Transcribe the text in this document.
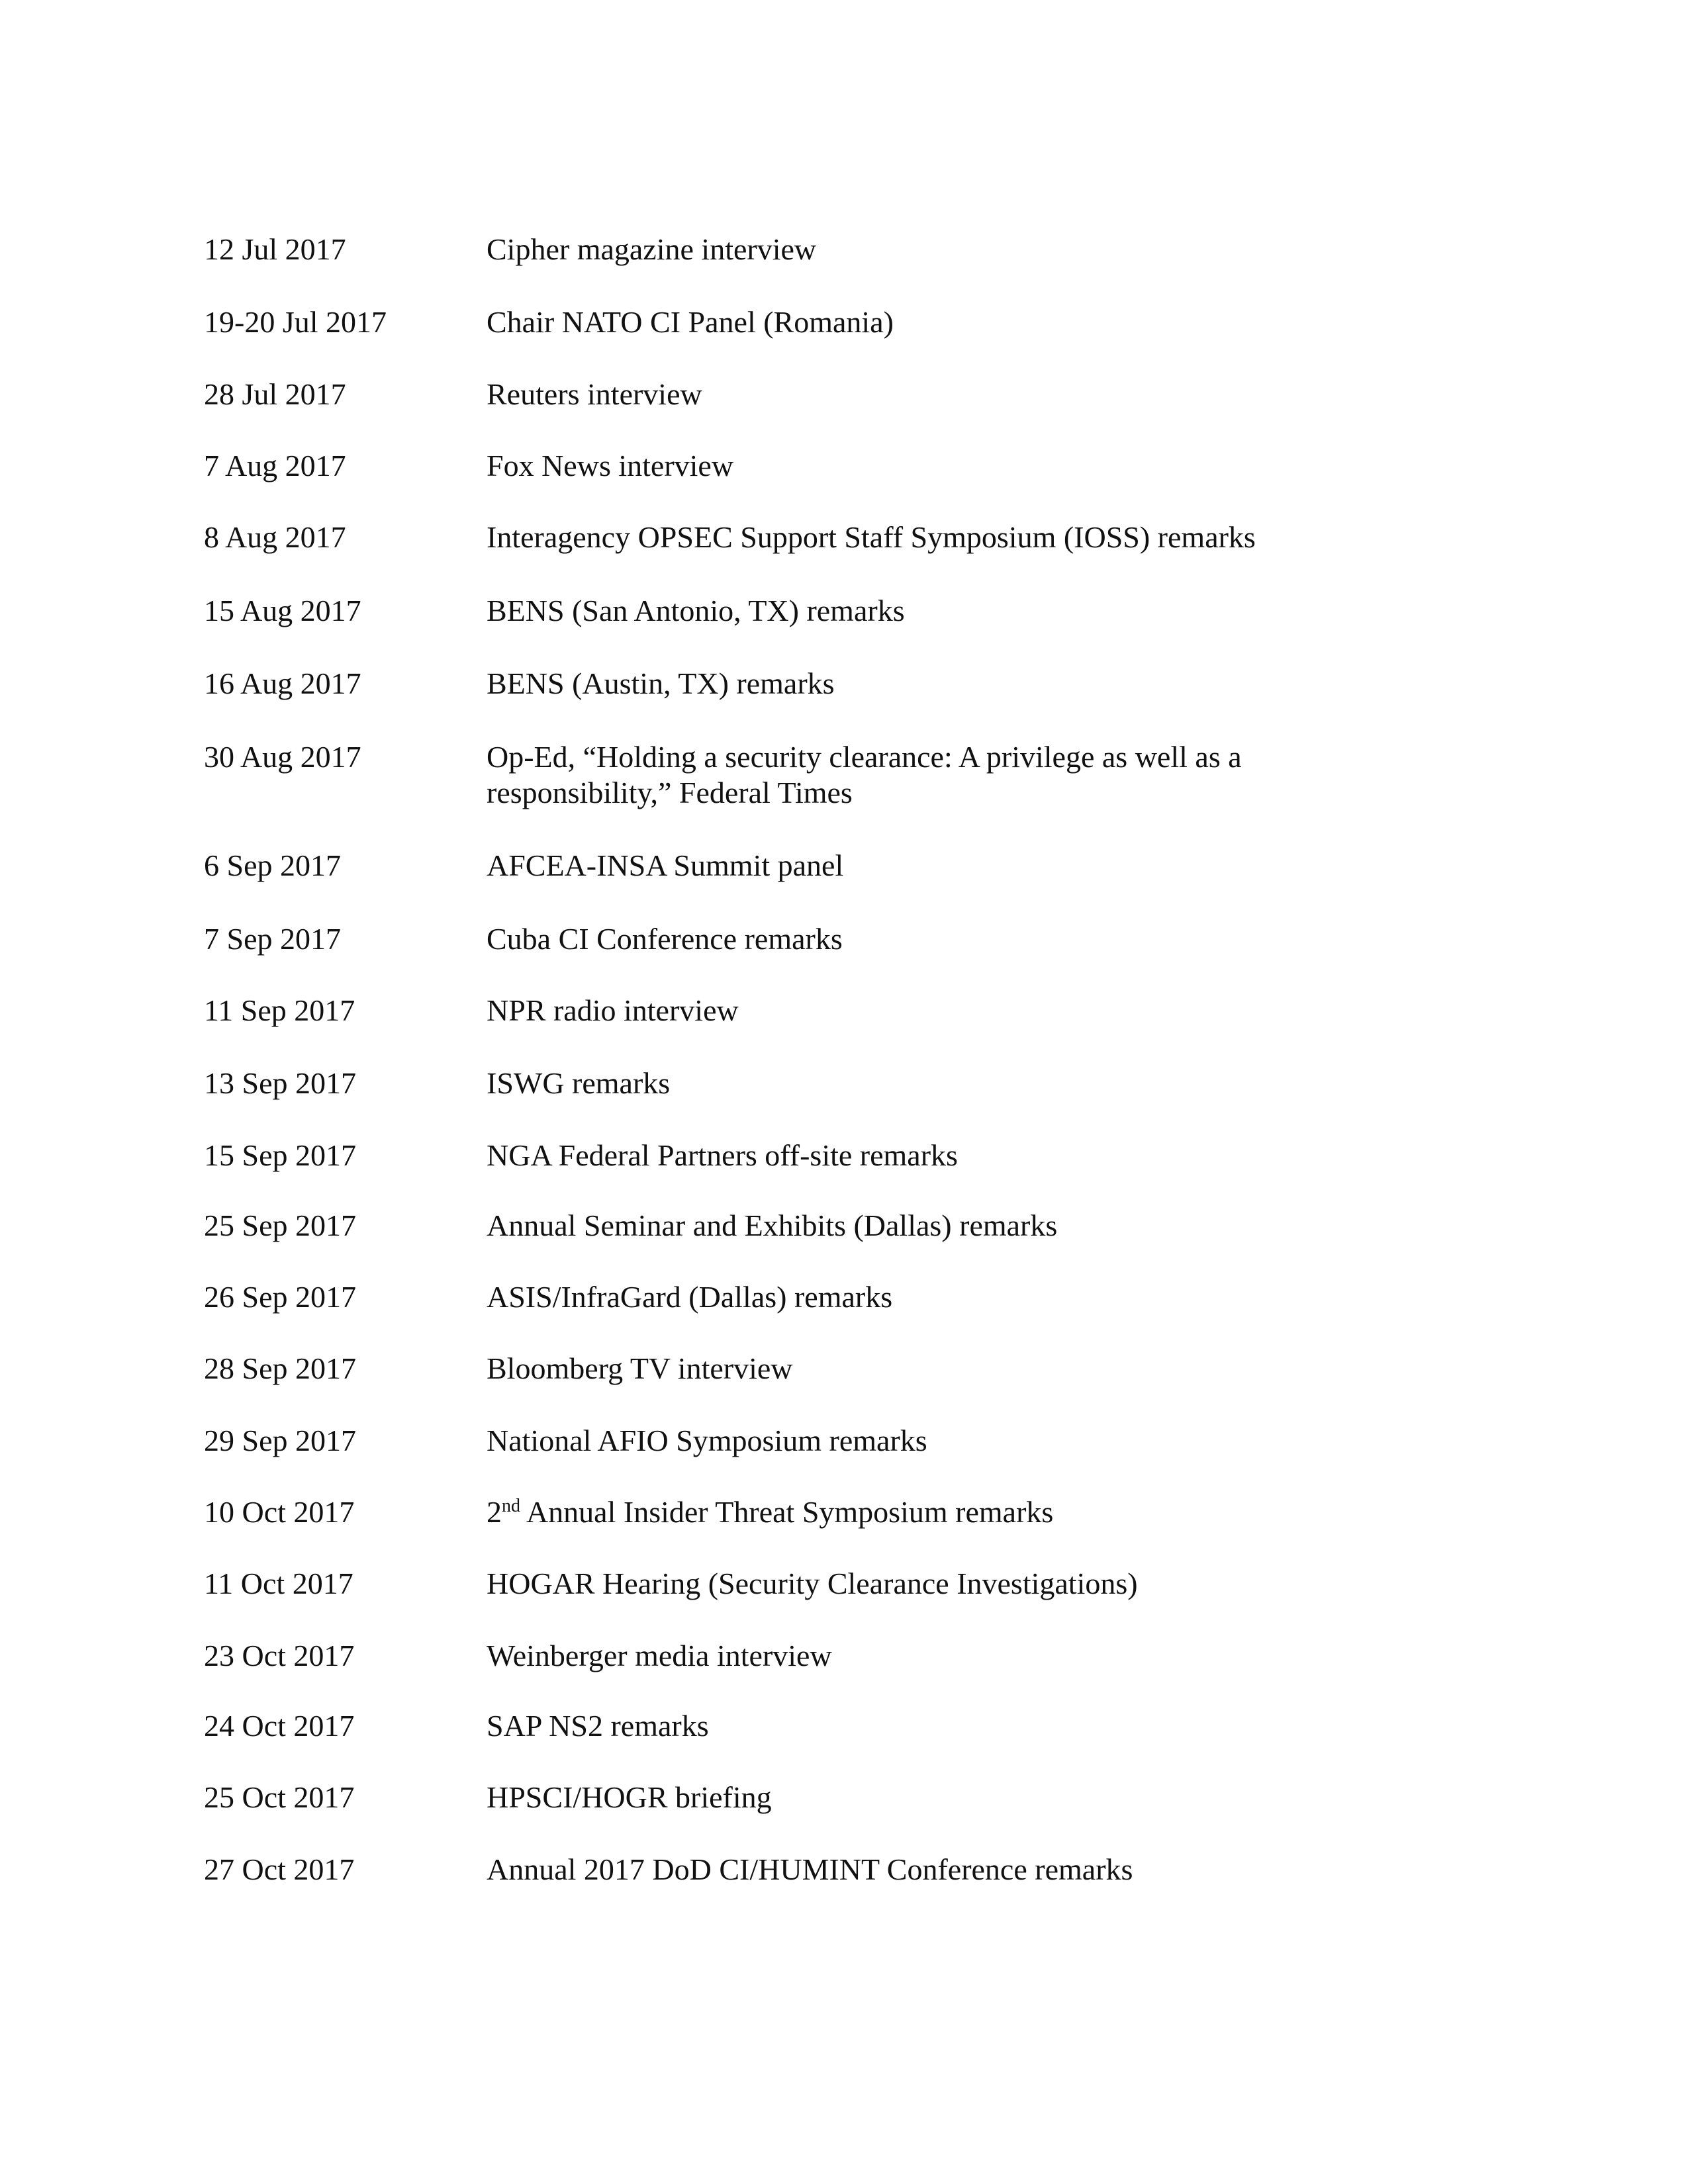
12 Jul 2017	Cipher magazine interview
19-20 Jul 2017	Chair NATO CI Panel (Romania)
28 Jul 2017	Reuters interview
7 Aug 2017	Fox News interview
8 Aug 2017	Interagency OPSEC Support Staff Symposium (IOSS) remarks
15 Aug 2017	BENS (San Antonio, TX) remarks
16 Aug 2017	BENS (Austin, TX) remarks
30 Aug 2017	Op-Ed, “Holding a security clearance: A privilege as well as a responsibility,” Federal Times
6 Sep 2017	AFCEA-INSA Summit panel
7 Sep 2017	Cuba CI Conference remarks
11 Sep 2017	NPR radio interview
13 Sep 2017	ISWG remarks
15 Sep 2017	NGA Federal Partners off-site remarks
25 Sep 2017	Annual Seminar and Exhibits (Dallas) remarks
26 Sep 2017	ASIS/InfraGard (Dallas) remarks
28 Sep 2017	Bloomberg TV interview
29 Sep 2017	National AFIO Symposium remarks
10 Oct 2017	2nd Annual Insider Threat Symposium remarks
11 Oct 2017	HOGAR Hearing (Security Clearance Investigations)
23 Oct 2017	Weinberger media interview
24 Oct 2017	SAP NS2 remarks
25 Oct 2017	HPSCI/HOGR briefing
27 Oct 2017	Annual 2017 DoD CI/HUMINT Conference remarks
